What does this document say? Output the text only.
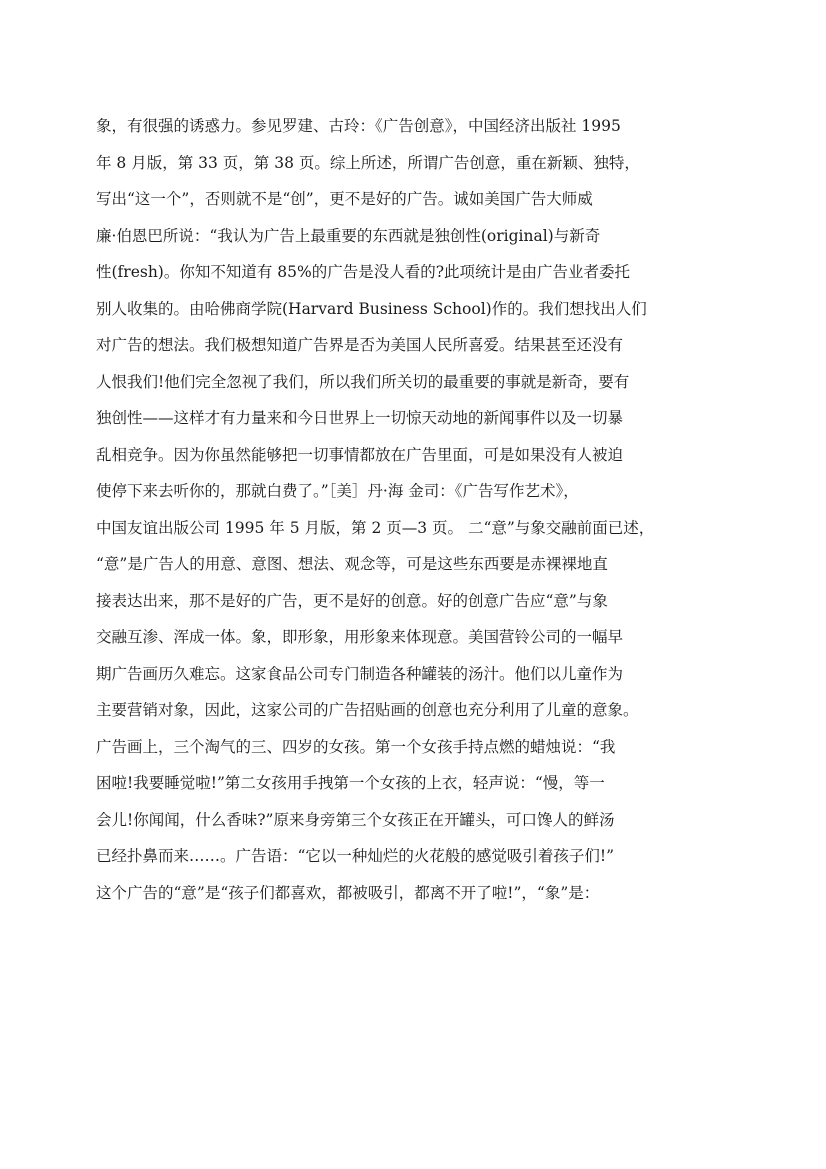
象，有很强的诱惑力。参见罗建、古玲：《广告创意》，中国经济出版社 1995
年 8 月版，第 33 页，第 38 页。综上所述，所谓广告创意，重在新颖、独特，
写出“这一个”，否则就不是“创”，更不是好的广告。诚如美国广告大师威
廉·伯恩巴所说：“我认为广告上最重要的东西就是独创性(original)与新奇
性(fresh)。你知不知道有 85%的广告是没人看的?此项统计是由广告业者委托
别人收集的。由哈佛商学院(Harvard Business School)作的。我们想找出人们
对广告的想法。我们极想知道广告界是否为美国人民所喜爱。结果甚至还没有
人恨我们!他们完全忽视了我们，所以我们所关切的最重要的事就是新奇，要有
独创性——这样才有力量来和今日世界上一切惊天动地的新闻事件以及一切暴
乱相竞争。因为你虽然能够把一切事情都放在广告里面，可是如果没有人被迫
使停下来去听你的，那就白费了。”［美］丹·海 金司：《广告写作艺术》，
中国友谊出版公司 1995 年 5 月版，第 2 页—3 页。 二“意”与象交融前面已述，
“意”是广告人的用意、意图、想法、观念等，可是这些东西要是赤裸裸地直
接表达出来，那不是好的广告，更不是好的创意。好的创意广告应“意”与象
交融互渗、浑成一体。象，即形象，用形象来体现意。美国营铃公司的一幅早
期广告画历久难忘。这家食品公司专门制造各种罐装的汤汁。他们以儿童作为
主要营销对象，因此，这家公司的广告招贴画的创意也充分利用了儿童的意象。
广告画上，三个淘气的三、四岁的女孩。第一个女孩手持点燃的蜡烛说：“我
困啦!我要睡觉啦!”第二女孩用手拽第一个女孩的上衣，轻声说：“慢，等一
会儿!你闻闻，什么香味?”原来身旁第三个女孩正在开罐头，可口馋人的鲜汤
已经扑鼻而来……。广告语：“它以一种灿烂的火花般的感觉吸引着孩子们!”
这个广告的“意”是“孩子们都喜欢，都被吸引，都离不开了啦!”，“象”是：
